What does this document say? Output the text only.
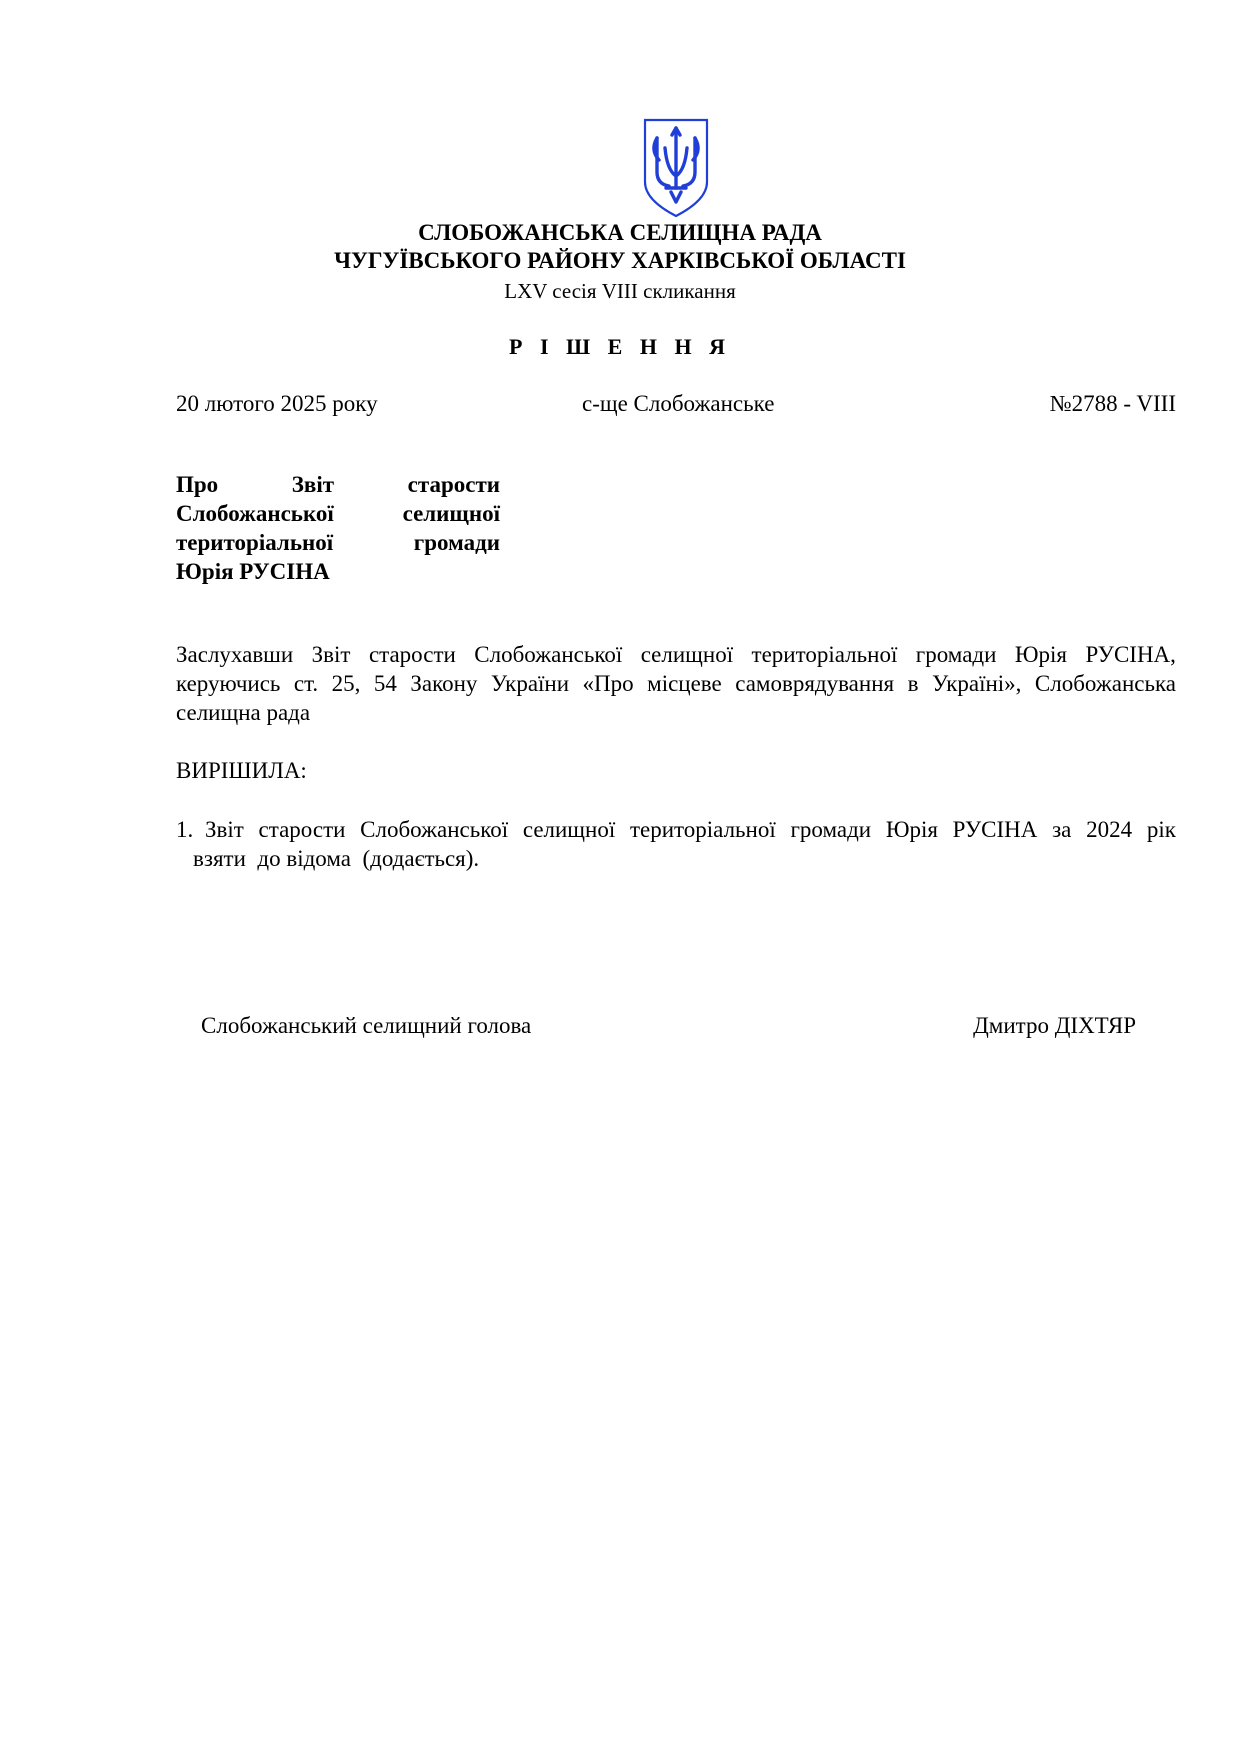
СЛОБОЖАНСЬКА СЕЛИЩНА РАДА
ЧУГУЇВСЬКОГО РАЙОНУ ХАРКІВСЬКОЇ ОБЛАСТІ
LXV сесія VIII скликання
Р І Ш Е Н Н Я
20 лютого 2025 року	с-ще Слобожанське	№2788 - VIII
Про	Звіт	старости
Слобожанської	селищної
територіальної	громади
Юрія РУСІНА
Заслухавши Звіт старости Слобожанської селищної територіальної громади Юрія РУСІНА,
керуючись ст. 25, 54 Закону України «Про місцеве самоврядування в Україні», Слобожанська
селищна рада
ВИРІШИЛА:
1. Звіт старости Слобожанської селищної територіальної громади Юрія РУСІНА за 2024 рік
взяти  до відома  (додається).
Слобожанський селищний голова	Дмитро ДІХТЯР
